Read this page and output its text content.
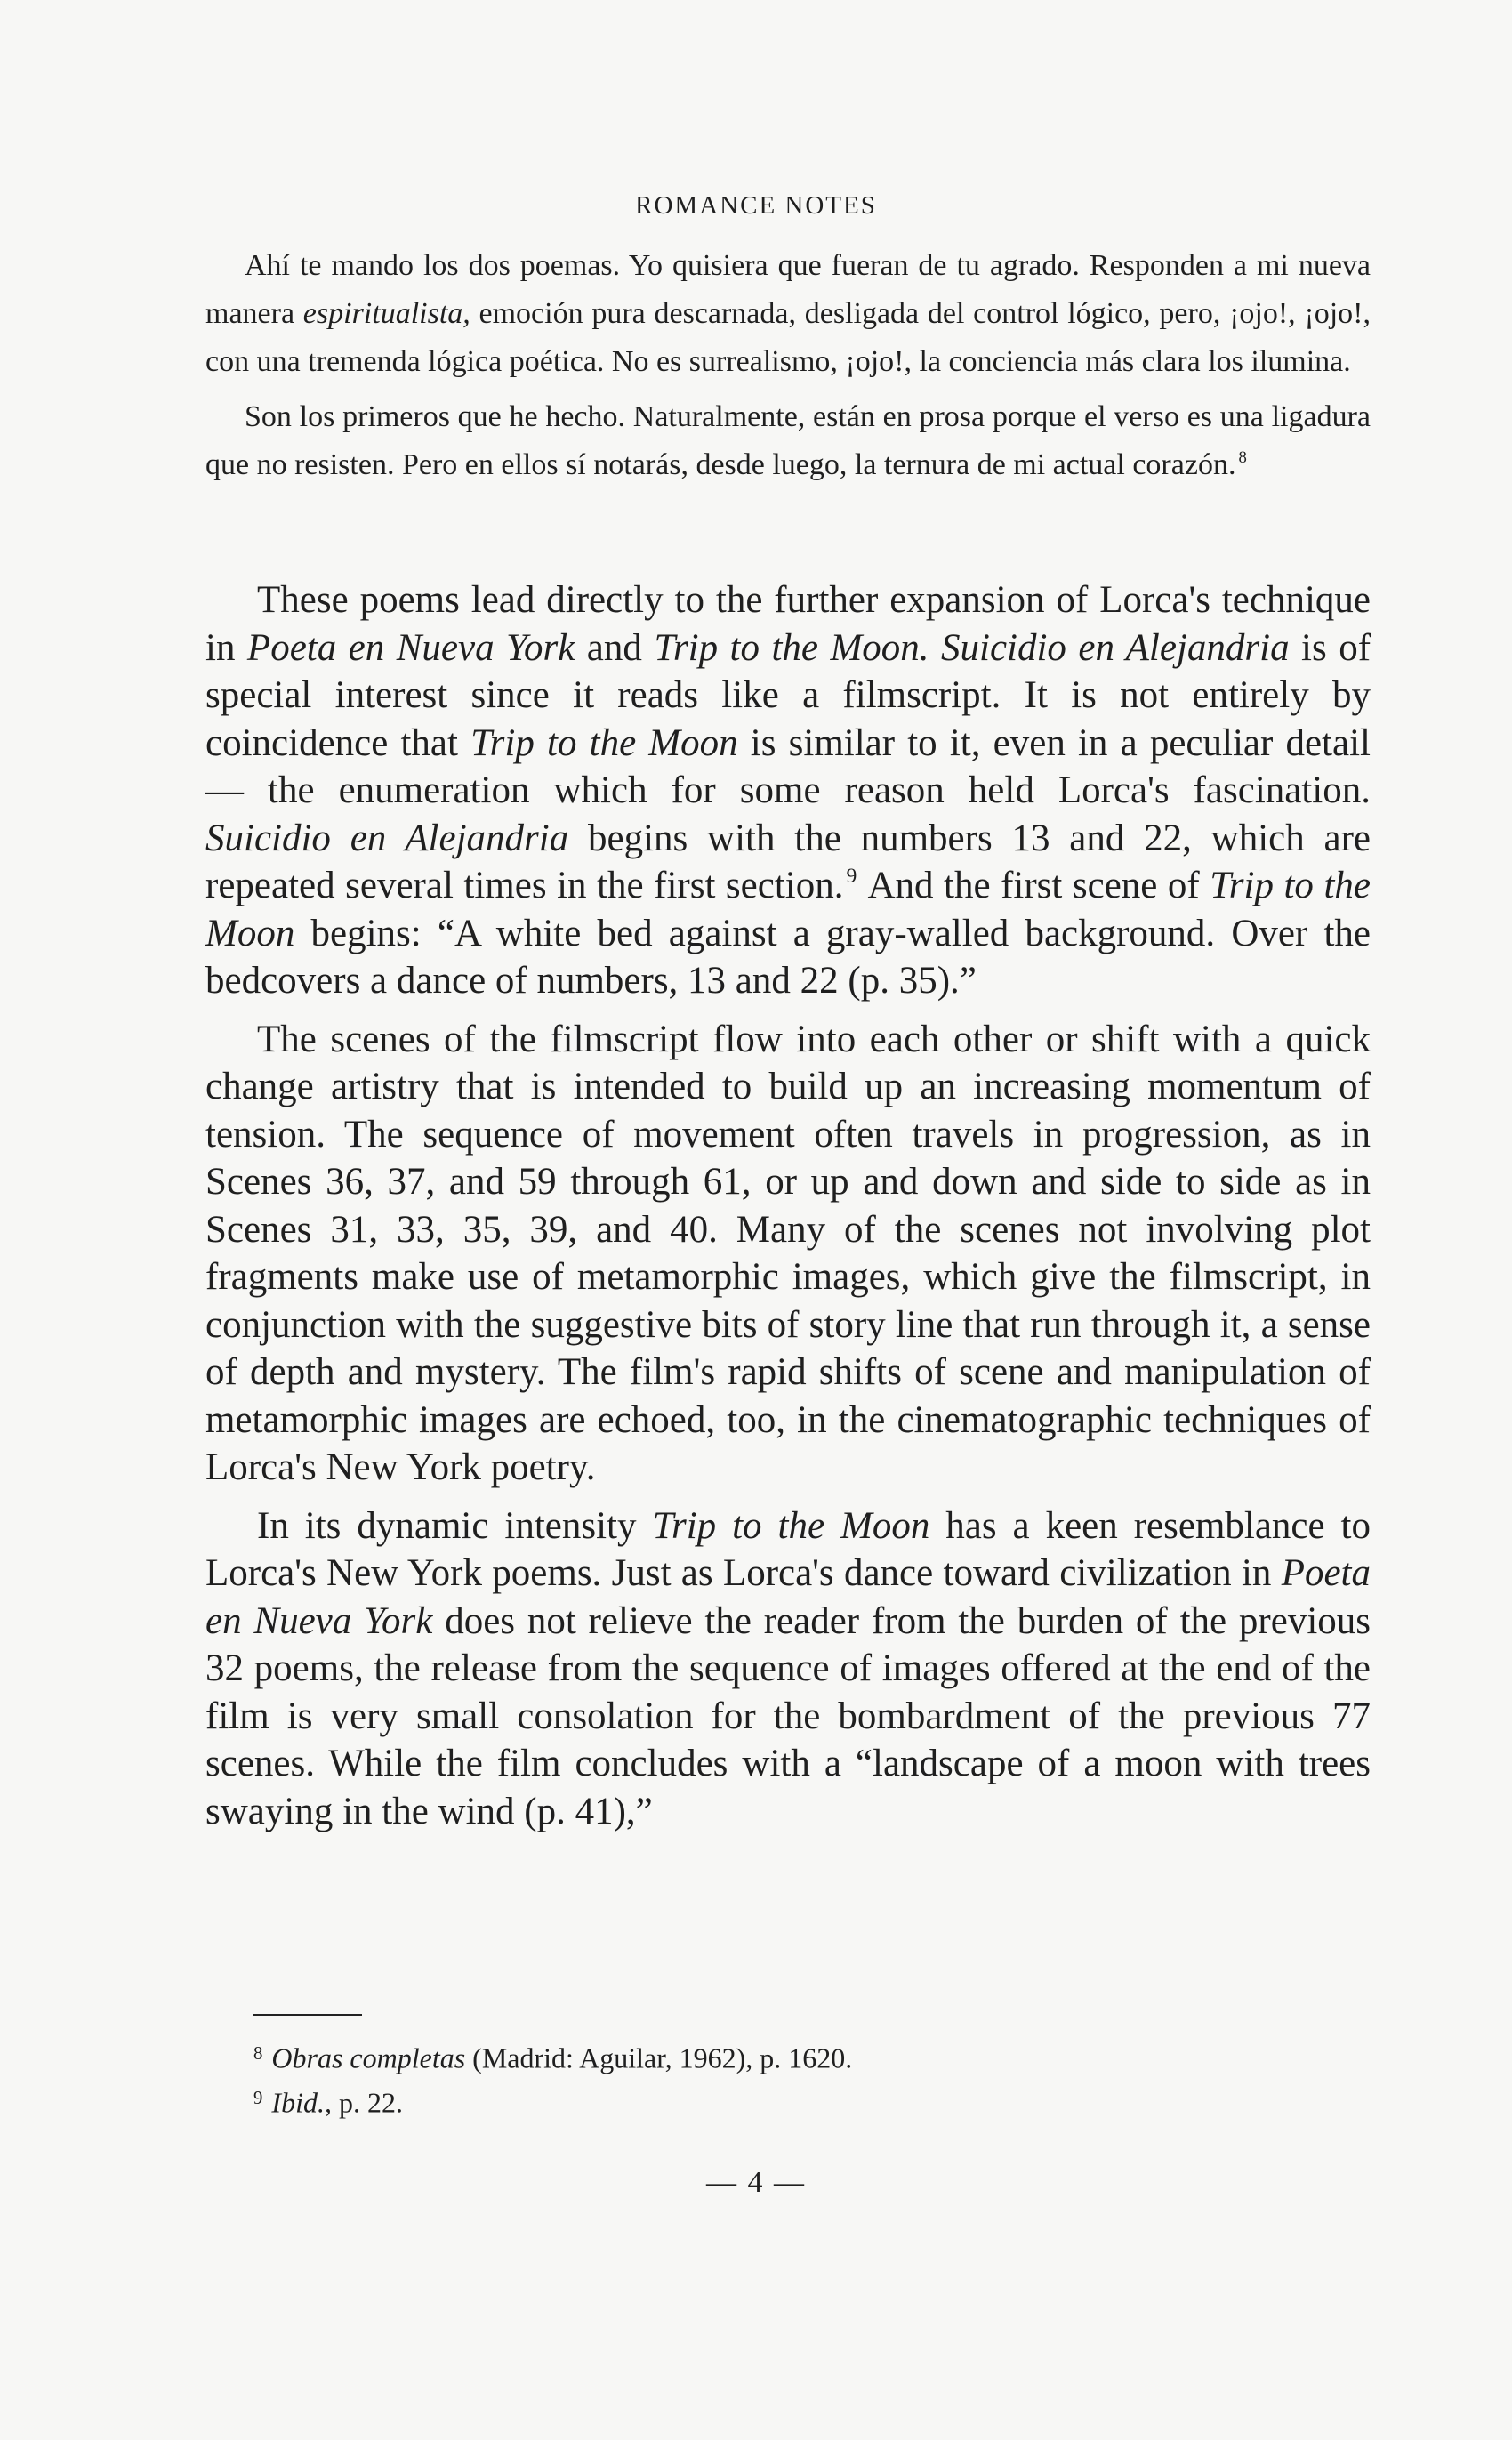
ROMANCE NOTES

Ahí te mando los dos poemas. Yo quisiera que fueran de tu agrado. Responden a mi nueva manera espiritualista, emoción pura descarnada, desligada del control lógico, pero, ¡ojo!, ¡ojo!, con una tremenda lógica poética. No es surrealismo, ¡ojo!, la conciencia más clara los ilumina.

Son los primeros que he hecho. Naturalmente, están en prosa porque el verso es una ligadura que no resisten. Pero en ellos sí notarás, desde luego, la ternura de mi actual corazón. $^8$

These poems lead directly to the further expansion of Lorca's technique in Poeta en Nueva York and Trip to the Moon. Suicidio en Alejandria is of special interest since it reads like a filmscript. It is not entirely by coincidence that Trip to the Moon is similar to it, even in a peculiar detail — the enumeration which for some reason held Lorca's fascination. Suicidio en Alejandria begins with the numbers 13 and 22, which are repeated several times in the first section. $^9$ And the first scene of Trip to the Moon begins: “A white bed against a gray-walled background. Over the bedcovers a dance of numbers, 13 and 22 (p. 35).”

The scenes of the filmscript flow into each other or shift with a quick change artistry that is intended to build up an increasing momentum of tension. The sequence of movement often travels in progression, as in Scenes 36, 37, and 59 through 61, or up and down and side to side as in Scenes 31, 33, 35, 39, and 40. Many of the scenes not involving plot fragments make use of metamorphic images, which give the filmscript, in conjunction with the suggestive bits of story line that run through it, a sense of depth and mystery. The film's rapid shifts of scene and manipulation of metamorphic images are echoed, too, in the cinematographic techniques of Lorca's New York poetry.

In its dynamic intensity Trip to the Moon has a keen resemblance to Lorca's New York poems. Just as Lorca's dance toward civilization in Poeta en Nueva York does not relieve the reader from the burden of the previous 32 poems, the release from the sequence of images offered at the end of the film is very small consolation for the bombardment of the previous 77 scenes. While the film concludes with a “landscape of a moon with trees swaying in the wind (p. 41),”

$^8$ Obras completas (Madrid: Aguilar, 1962), p. 1620.

$^9$ Ibid., p. 22.

— 4 —
